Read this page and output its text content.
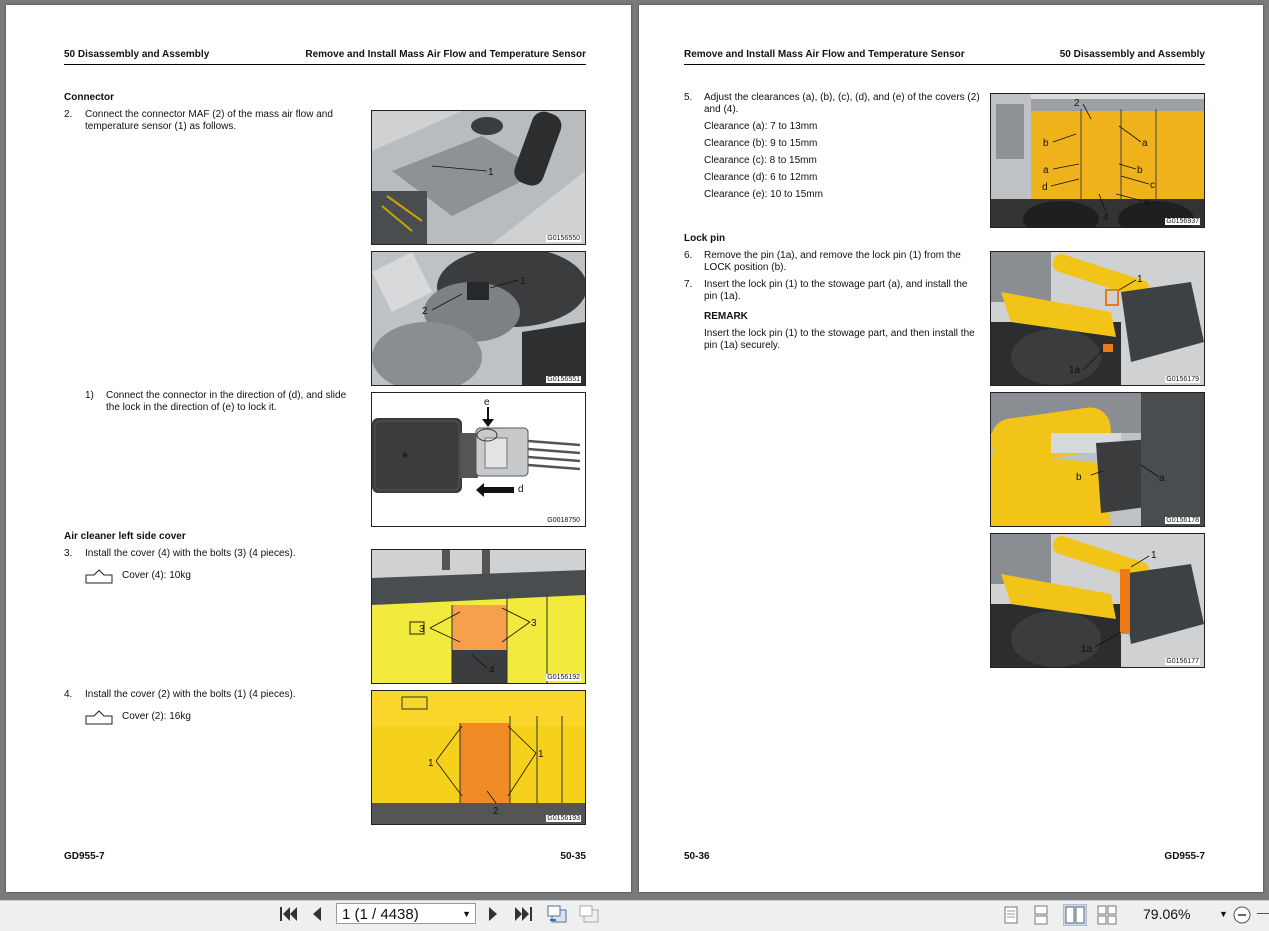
50 Disassembly and Assembly	Remove and Install Mass Air Flow and Temperature Sensor
Connector
2. Connect the connector MAF (2) of the mass air flow and temperature sensor (1) as follows.
1) Connect the connector in the direction of (d), and slide the lock in the direction of (e) to lock it.
Air cleaner left side cover
3. Install the cover (4) with the bolts (3) (4 pieces).
Cover (4): 10kg
4. Install the cover (2) with the bolts (1) (4 pieces).
Cover (2): 16kg
1
G0156550
1
2
G0156551
e
d
G0018750
3
3
4
G0156192
1
1
2
G0156193
GD955-7	50-35
Remove and Install Mass Air Flow and Temperature Sensor	50 Disassembly and Assembly
5. Adjust the clearances (a), (b), (c), (d), and (e) of the covers (2) and (4).
Clearance (a): 7 to 13mm
Clearance (b): 9 to 15mm
Clearance (c): 8 to 15mm
Clearance (d): 6 to 12mm
Clearance (e): 10 to 15mm
Lock pin
6. Remove the pin (1a), and remove the lock pin (1) from the LOCK position (b).
7. Insert the lock pin (1) to the stowage part (a), and install the pin (1a).
REMARK
Insert the lock pin (1) to the stowage part, and then install the pin (1a) securely.
2
b	a
a	b
c
d
e
4	G0156937
1
1a
G0156179
b	a
G0156178
1
1a
G0156177
50-36	GD955-7
1 (1 / 4438)	▼	79.06%	▼
